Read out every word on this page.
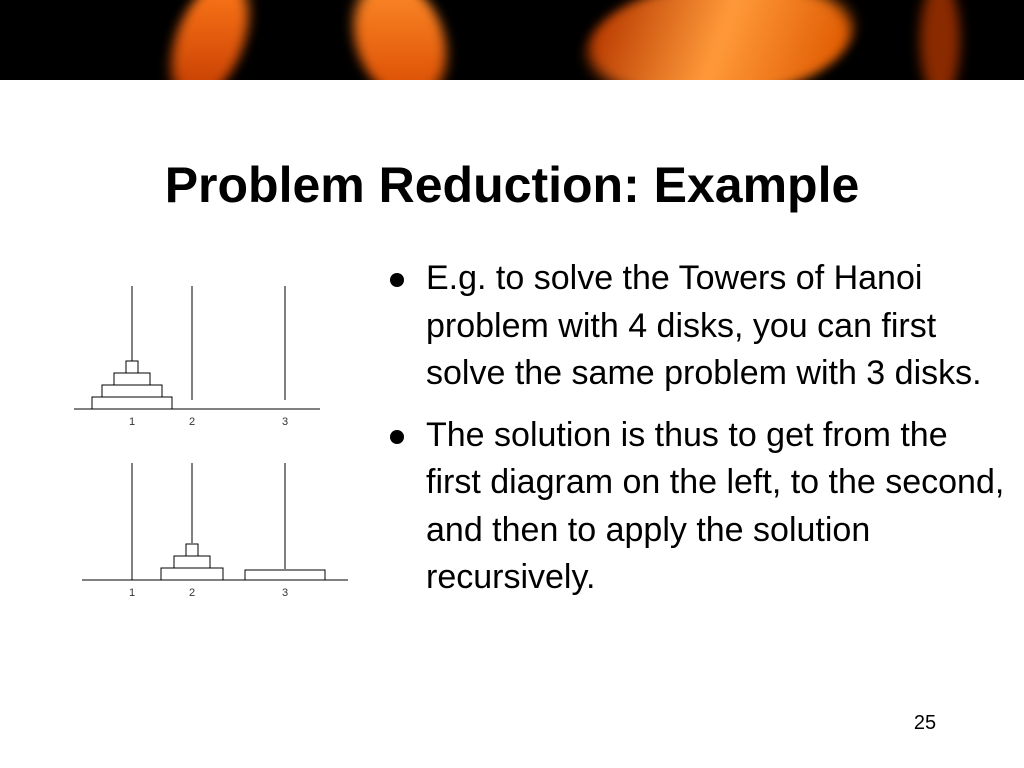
Problem Reduction: Example
1	2	3
1	2	3
E.g. to solve the Towers of Hanoi problem with 4 disks, you can first solve the same problem with 3 disks.
The solution is thus to get from the first diagram on the left, to the second, and then to apply the solution recursively.
25
